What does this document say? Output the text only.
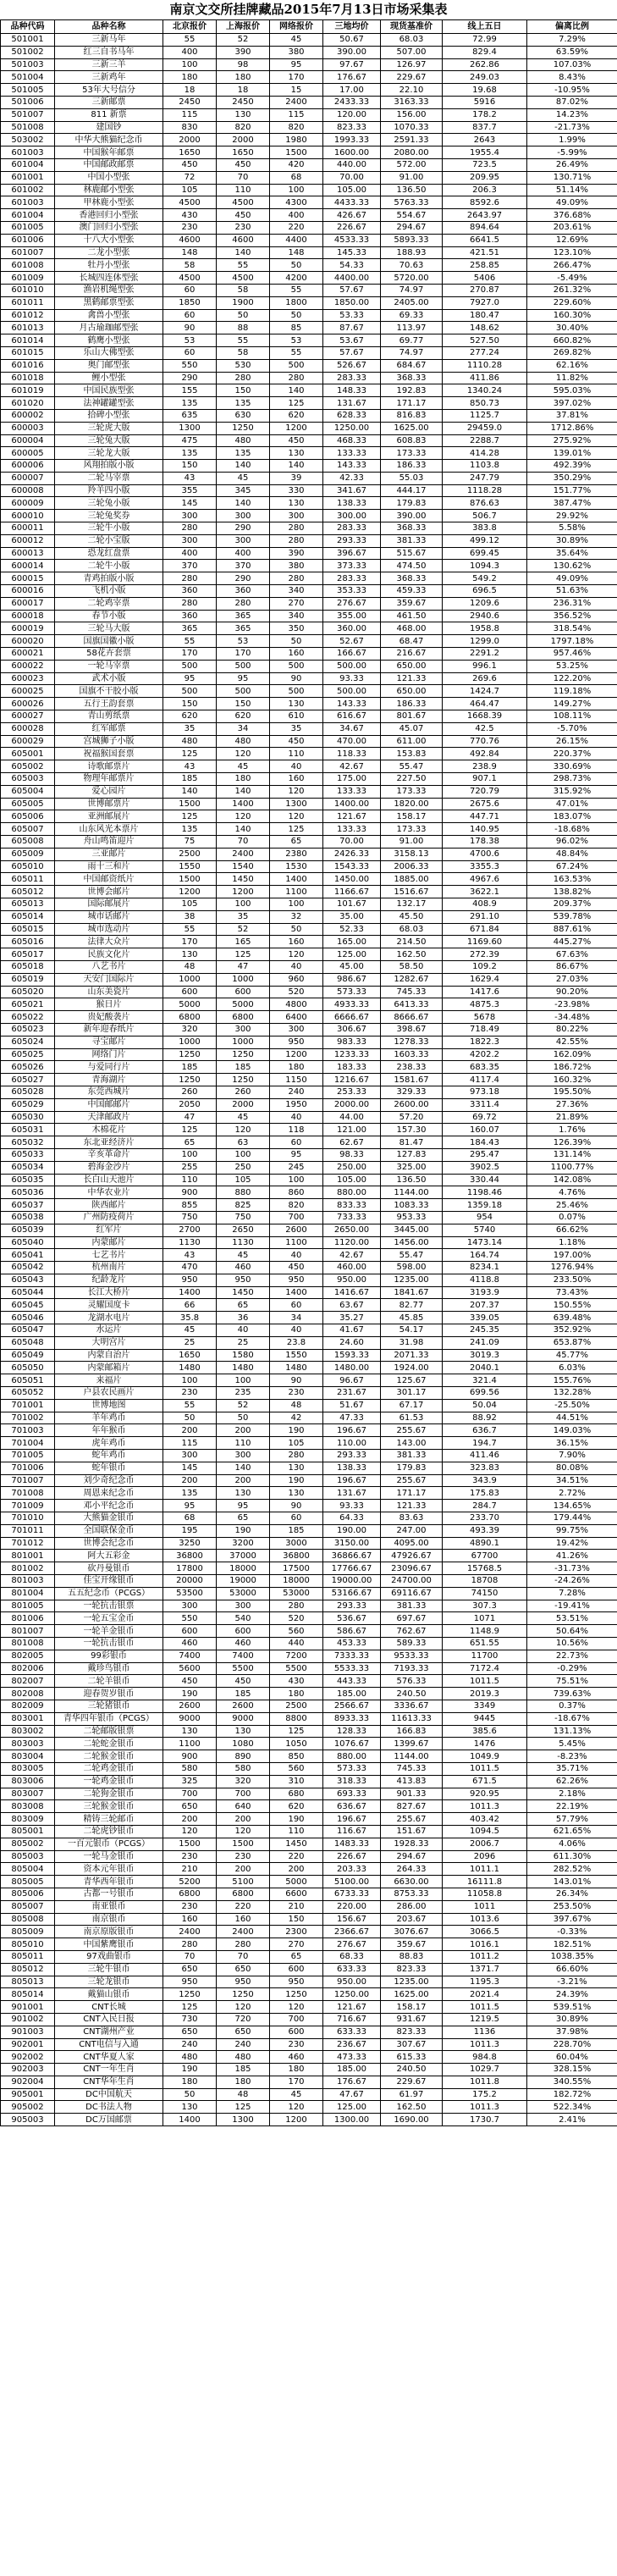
南京文交所挂牌藏品2015年7月13日市场采集表
品种代码	品种名称	北京报价	上海报价	网络报价	三地均价	现货基准价	线上五日	偏离比例
501001	三新马年	55	52	45	50.67	68.03	72.99	7.29%
501002	红三自书马年	400	390	380	390.00	507.00	829.4	63.59%
501003	三新三羊	100	98	95	97.67	126.97	262.86	107.03%
501004	三新鸡年	180	180	170	176.67	229.67	249.03	8.43%
501005	53年大号信分	18	18	15	17.00	22.10	19.68	-10.95%
501006	三新邮票	2450	2450	2400	2433.33	3163.33	5916	87.02%
501007	811 新票	115	130	115	120.00	156.00	178.2	14.23%
501008	建国钞	830	820	820	823.33	1070.33	837.7	-21.73%
503002	中华大熊猫纪念币	2000	2000	1980	1993.33	2591.33	2643	1.99%
601003	中国猴年邮票	1650	1650	1500	1600.00	2080.00	1955.4	-5.99%
601004	中国邮政邮票	450	450	420	440.00	572.00	723.5	26.49%
601001	中国小型张	72	70	68	70.00	91.00	209.95	130.71%
601002	林鹿邮小型张	105	110	100	105.00	136.50	206.3	51.14%
601003	甲林鹿小型张	4500	4500	4300	4433.33	5763.33	8592.6	49.09%
601004	香港回归小型张	430	450	400	426.67	554.67	2643.97	376.68%
601005	澳门回归小型张	230	230	220	226.67	294.67	894.64	203.61%
601006	十八大小型张	4600	4600	4400	4533.33	5893.33	6641.5	12.69%
601007	二龙小型张	148	140	148	145.33	188.93	421.51	123.10%
601008	牡丹小型张	58	55	50	54.33	70.63	258.85	266.47%
601009	长城四连体型张	4500	4500	4200	4400.00	5720.00	5406	-5.49%
601010	渔岩机绳型张	60	58	55	57.67	74.97	270.87	261.32%
601011	黑鹤邮票型张	1850	1900	1800	1850.00	2405.00	7927.0	229.60%
601012	禽兽小型张	60	50	50	53.33	69.33	180.47	160.30%
601013	月古瑜珈邮型张	90	88	85	87.67	113.97	148.62	30.40%
601014	鹤鹰小型张	53	55	53	53.67	69.77	527.50	660.82%
601015	乐山大佛型张	60	58	55	57.67	74.97	277.24	269.82%
601016	奥门邮型张	550	530	500	526.67	684.67	1110.28	62.16%
601018	鲤小型张	290	280	280	283.33	368.33	411.86	11.82%
601019	中国民族型张	155	150	140	148.33	192.83	1340.24	595.03%
601020	法神罐罐型张	135	135	125	131.67	171.17	850.73	397.02%
600002	拾碑小型张	635	630	620	628.33	816.83	1125.7	37.81%
600003	三轮虎大版	1300	1250	1200	1250.00	1625.00	29459.0	1712.86%
600004	三轮兔大版	475	480	450	468.33	608.83	2288.7	275.92%
600005	三轮龙大版	135	135	130	133.33	173.33	414.28	139.01%
600006	风翔拍版小版	150	140	140	143.33	186.33	1103.8	492.39%
600007	二轮马宰票	43	45	39	42.33	55.03	247.79	350.29%
600008	羚羊四小版	355	345	330	341.67	444.17	1118.28	151.77%
600009	三轮兔小版	145	140	130	138.33	179.83	876.63	387.47%
600010	三轮兔奖券	300	300	300	300.00	390.00	506.7	29.92%
600011	三轮牛小版	280	290	280	283.33	368.33	383.8	5.58%
600012	二轮小宝版	300	300	280	293.33	381.33	499.12	30.89%
600013	恐龙红盘票	400	400	390	396.67	515.67	699.45	35.64%
600014	二轮牛小版	370	370	380	373.33	474.50	1094.3	130.62%
600015	青鸡拍版小版	280	290	280	283.33	368.33	549.2	49.09%
600016	飞机小版	360	360	340	353.33	459.33	696.5	51.63%
600017	二轮鸡宰票	280	280	270	276.67	359.67	1209.6	236.31%
600018	春节小版	360	365	340	355.00	461.50	2940.6	356.52%
600019	三轮马大版	365	365	350	360.00	468.00	1958.8	318.54%
600020	国旗国徽小版	55	53	50	52.67	68.47	1299.0	1797.18%
600021	58花卉套票	170	170	160	166.67	216.67	2291.2	957.46%
600022	一轮马宰票	500	500	500	500.00	650.00	996.1	53.25%
600023	武术小版	95	95	90	93.33	121.33	269.6	122.20%
600025	国旗不干胶小版	500	500	500	500.00	650.00	1424.7	119.18%
600026	五行王韵套票	150	150	130	143.33	186.33	464.47	149.27%
600027	青山剪纸票	620	620	610	616.67	801.67	1668.39	108.11%
600028	红军邮票	35	34	35	34.67	45.07	42.5	-5.70%
600029	宫城狮子小版	480	480	450	470.00	611.00	770.76	26.15%
605001	祝福猴国套票	125	120	110	118.33	153.83	492.84	220.37%
605002	诗歌邮票片	43	45	40	42.67	55.47	238.9	330.69%
605003	物理年邮票片	185	180	160	175.00	227.50	907.1	298.73%
605004	爱心园片	140	140	120	133.33	173.33	720.79	315.92%
605005	世博邮票片	1500	1400	1300	1400.00	1820.00	2675.6	47.01%
605006	亚洲邮展片	125	120	120	121.67	158.17	447.71	183.07%
605007	山东风光本票片	135	140	125	133.33	173.33	140.95	-18.68%
605008	舟山鸣笛迎片	75	70	65	70.00	91.00	178.38	96.02%
605009	三亚邮片	2500	2400	2380	2426.33	3158.13	4700.6	48.84%
605010	雨十三和片	1550	1540	1530	1543.33	2006.33	3355.3	67.24%
605011	中国邮资纸片	1500	1450	1400	1450.00	1885.00	4967.6	163.53%
605012	世博会邮片	1200	1200	1100	1166.67	1516.67	3622.1	138.82%
605013	国际邮展片	105	100	100	101.67	132.17	408.9	209.37%
605014	城市话邮片	38	35	32	35.00	45.50	291.10	539.78%
605015	城市选动片	55	52	50	52.33	68.03	671.84	887.61%
605016	法律大众片	170	165	160	165.00	214.50	1169.60	445.27%
605017	民族文化片	130	125	120	125.00	162.50	272.39	67.63%
605018	八艺书片	48	47	40	45.00	58.50	109.2	86.67%
605019	天安门国际片	1000	1000	960	986.67	1282.67	1629.4	27.03%
605020	山东美瓷片	600	600	520	573.33	745.33	1417.6	90.20%
605021	猴日片	5000	5000	4800	4933.33	6413.33	4875.3	-23.98%
605022	贵妃酸袭片	6800	6800	6400	6666.67	8666.67	5678	-34.48%
605023	新年迎春纸片	320	300	300	306.67	398.67	718.49	80.22%
605024	寻宝邮片	1000	1000	950	983.33	1278.33	1822.3	42.55%
605025	网络门片	1250	1250	1200	1233.33	1603.33	4202.2	162.09%
605026	与爱同行片	185	185	180	183.33	238.33	683.35	186.72%
605027	青海湖片	1250	1250	1150	1216.67	1581.67	4117.4	160.32%
605028	东莞西城片	260	260	240	253.33	329.33	973.18	195.50%
605029	中国邮邮片	2050	2000	1950	2000.00	2600.00	3311.4	27.36%
605030	天津邮政片	47	45	40	44.00	57.20	69.72	21.89%
605031	木棉花片	125	120	118	121.00	157.30	160.07	1.76%
605032	东北亚经济片	65	63	60	62.67	81.47	184.43	126.39%
605033	辛亥革命片	100	100	95	98.33	127.83	295.47	131.14%
605034	碧海金沙片	255	250	245	250.00	325.00	3902.5	1100.77%
605035	长白山天池片	110	105	100	105.00	136.50	330.44	142.08%
605036	中华农业片	900	880	860	880.00	1144.00	1198.46	4.76%
605037	陕西邮片	855	825	820	833.33	1083.33	1359.18	25.46%
605038	广州防疫荷片	750	750	700	733.33	953.33	954	0.07%
605039	红军片	2700	2650	2600	2650.00	3445.00	5740	66.62%
605040	内蒙邮片	1130	1130	1100	1120.00	1456.00	1473.14	1.18%
605041	七艺书片	43	45	40	42.67	55.47	164.74	197.00%
605042	杭州南片	470	460	450	460.00	598.00	8234.1	1276.94%
605043	纪龄龙片	950	950	950	950.00	1235.00	4118.8	233.50%
605044	长江大桥片	1400	1450	1400	1416.67	1841.67	3193.9	73.43%
605045	灵耀国度卡	66	65	60	63.67	82.77	207.37	150.55%
605046	龙湖水电片	35.8	36	34	35.27	45.85	339.05	639.48%
605047	水运片	45	40	40	41.67	54.17	245.35	352.92%
605048	大明宫片	25	25	23.8	24.60	31.98	241.09	653.87%
605049	内蒙自治片	1650	1580	1550	1593.33	2071.33	3019.3	45.77%
605050	内蒙邮箱片	1480	1480	1480	1480.00	1924.00	2040.1	6.03%
605051	来福片	100	100	90	96.67	125.67	321.4	155.76%
605052	户县农民画片	230	235	230	231.67	301.17	699.56	132.28%
701001	世博地图	55	52	48	51.67	67.17	50.04	-25.50%
701002	羊年鸡币	50	50	42	47.33	61.53	88.92	44.51%
701003	年年猴币	200	200	190	196.67	255.67	636.7	149.03%
701004	虎年鸡币	115	110	105	110.00	143.00	194.7	36.15%
701005	蛇年鸡币	300	300	280	293.33	381.33	411.46	7.90%
701006	蛇年银币	145	140	130	138.33	179.83	323.83	80.08%
701007	刘少奇纪念币	200	200	190	196.67	255.67	343.9	34.51%
701008	周恩来纪念币	135	130	130	131.67	171.17	175.83	2.72%
701009	邓小平纪念币	95	95	90	93.33	121.33	284.7	134.65%
701010	大熊猫金银币	68	65	60	64.33	83.63	233.70	179.44%
701011	全国联保金币	195	190	185	190.00	247.00	493.39	99.75%
701012	世博会纪念币	3250	3200	3000	3150.00	4095.00	4890.1	19.42%
801001	阿大五彩金	36800	37000	36800	36866.67	47926.67	67700	41.26%
801002	砍丹曼银币	17800	18000	17500	17766.67	23096.67	15768.5	-31.73%
801003	佳宝开缘银币	20000	19000	18000	19000.00	24700.00	18708	-24.26%
801004	五五纪念币（PCGS）	53500	53000	53000	53166.67	69116.67	74150	7.28%
801005	一轮抗击银票	300	300	280	293.33	381.33	307.3	-19.41%
801006	一轮五宝金币	550	540	520	536.67	697.67	1071	53.51%
801007	一轮羊金银币	600	600	560	586.67	762.67	1148.9	50.64%
801008	一轮抗击银币	460	460	440	453.33	589.33	651.55	10.56%
802005	99彩银币	7400	7400	7200	7333.33	9533.33	11700	22.73%
802006	戴珍鸟银币	5600	5500	5500	5533.33	7193.33	7172.4	-0.29%
802007	二轮羊银币	450	450	430	443.33	576.33	1011.5	75.51%
802008	迎春贺岁银币	190	185	180	185.00	240.50	2019.3	739.63%
802009	三轮猪银币	2600	2600	2500	2566.67	3336.67	3349	0.37%
803001	青华四年银币（PCGS）	9000	9000	8800	8933.33	11613.33	9445	-18.67%
803002	二轮邮版银票	130	130	125	128.33	166.83	385.6	131.13%
803003	二轮蛇金银币	1100	1080	1050	1076.67	1399.67	1476	5.45%
803004	二轮猴金银币	900	890	850	880.00	1144.00	1049.9	-8.23%
803005	二轮鸡金银币	580	580	560	573.33	745.33	1011.5	35.71%
803006	一轮鸡金银币	325	320	310	318.33	413.83	671.5	62.26%
803007	二轮狗金银币	700	700	680	693.33	901.33	920.95	2.18%
803008	三轮猴金银币	650	640	620	636.67	827.67	1011.3	22.19%
803009	精铸三轮邮币	200	200	190	196.67	255.67	403.42	57.79%
805001	二轮虎钞银币	120	120	110	116.67	151.67	1094.5	621.65%
805002	一百元银币（PCGS）	1500	1500	1450	1483.33	1928.33	2006.7	4.06%
805003	一轮马金银币	230	230	220	226.67	294.67	2096	611.30%
805004	资本元年银币	210	200	200	203.33	264.33	1011.1	282.52%
805005	青华西年银币	5200	5100	5000	5100.00	6630.00	16111.8	143.01%
805006	古都一号银币	6800	6800	6600	6733.33	8753.33	11058.8	26.34%
805007	南亚银币	230	220	210	220.00	286.00	1011	253.50%
805008	南京银币	160	160	150	156.67	203.67	1013.6	397.67%
805009	南京原版银币	2400	2400	2300	2366.67	3076.67	3066.5	-0.33%
805010	中国紫鹰银币	280	280	270	276.67	359.67	1016.1	182.51%
805011	97戏曲银币	70	70	65	68.33	88.83	1011.2	1038.35%
805012	三轮牛银币	650	650	600	633.33	823.33	1371.7	66.60%
805013	三轮龙银币	950	950	950	950.00	1235.00	1195.3	-3.21%
805014	戴猫山银币	1250	1250	1250	1250.00	1625.00	2021.4	24.39%
901001	CNT长城	125	120	120	121.67	158.17	1011.5	539.51%
901002	CNT入民日报	730	720	700	716.67	931.67	1219.5	30.89%
901003	CNT湖州产业	650	650	600	633.33	823.33	1136	37.98%
902001	CNT电信与入通	240	240	230	236.67	307.67	1011.3	228.70%
902002	CNT华夏人家	480	480	460	473.33	615.33	984.8	60.04%
902003	CNT一年生肖	190	185	180	185.00	240.50	1029.7	328.15%
902004	CNT华年生肖	180	180	170	176.67	229.67	1011.8	340.55%
905001	DC中国航天	50	48	45	47.67	61.97	175.2	182.72%
905002	DC书法人物	130	125	120	125.00	162.50	1011.3	522.34%
905003	DC万国邮票	1400	1300	1200	1300.00	1690.00	1730.7	2.41%
